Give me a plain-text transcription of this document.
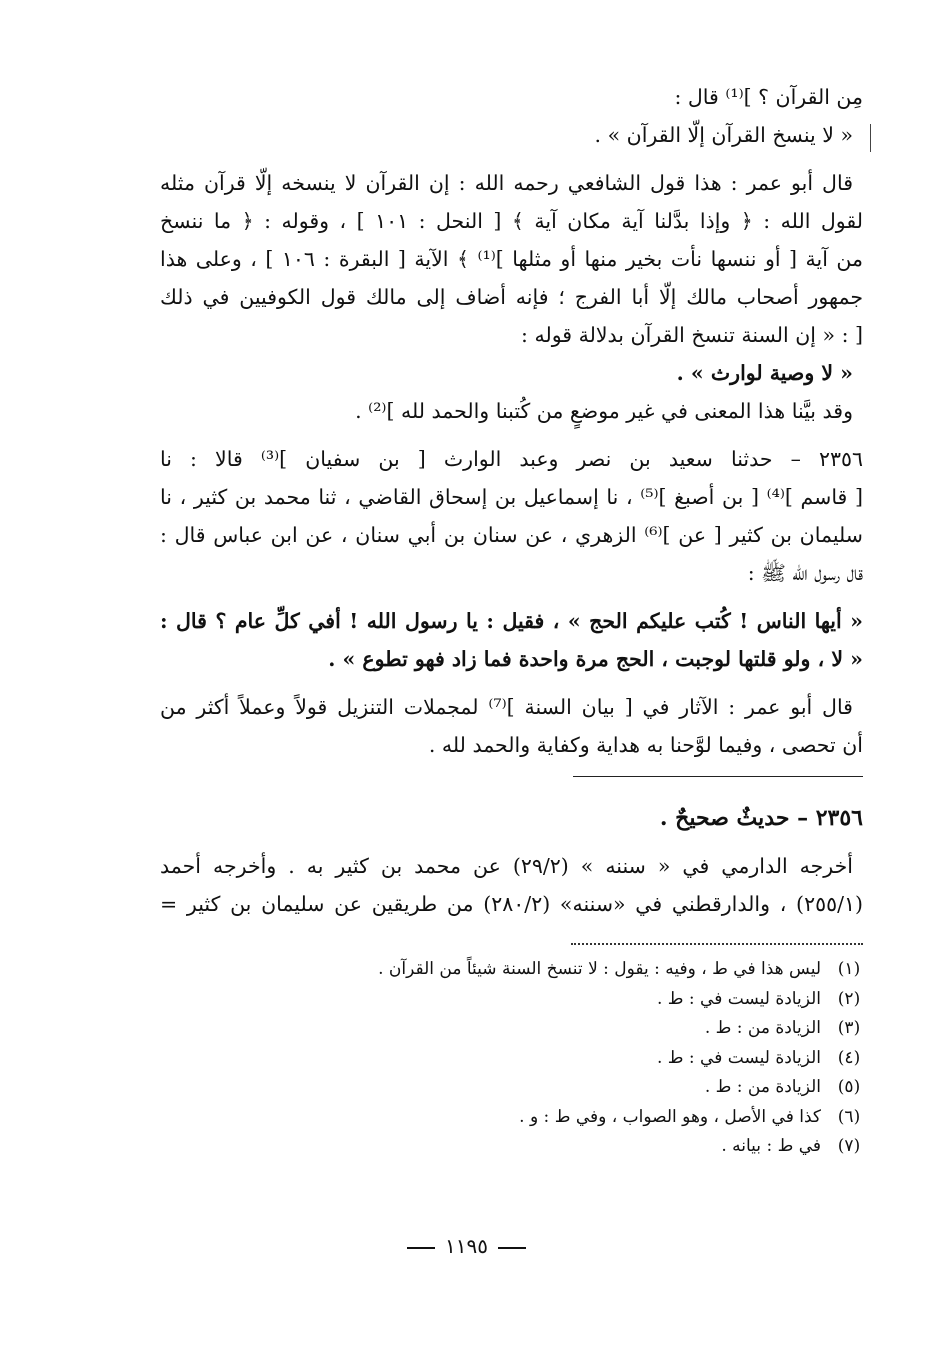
مِن القرآن ؟ ]⁽¹⁾ قال :
« لا ينسخ القرآن إلّا القرآن » .
قال أبو عمر : هذا قول الشافعي رحمه الله : إن القرآن لا ينسخه إلّا قرآن مثله
لقول الله : ﴿ وإذا بدَّلنا آية مكان آية ﴾ [ النحل : ١٠١ ] ، وقوله : ﴿ ما ننسخ
من آية [ أو ننسها نأت بخير منها أو مثلها ]⁽¹⁾ ﴾ الآية [ البقرة : ١٠٦ ] ، وعلى هذا
جمهور أصحاب مالك إلّا أبا الفرج ؛ فإنه أضاف إلى مالك قول الكوفيين في ذلك
[ : « إن السنة تنسخ القرآن بدلالة قوله :
« لا وصية لوارث » .
وقد بيَّنا هذا المعنى في غير موضعٍ من كُتبنا والحمد لله ]⁽²⁾ .
٢٣٥٦ – حدثنا سعيد بن نصر وعبد الوارث [ بن سفيان ]⁽³⁾ قالا : نا
[ قاسم ]⁽⁴⁾ [ بن أصبغ ]⁽⁵⁾ ، نا إسماعيل بن إسحاق القاضي ، ثنا محمد بن كثير ، نا
سليمان بن كثير [ عن ]⁽⁶⁾ الزهري ، عن سنان بن أبي سنان ، عن ابن عباس قال :
قال رسول الله ﷺ :
« أيها الناس ! كُتب عليكم الحج » ، فقيل : يا رسول الله ! أفي كلِّ عام ؟ قال :
« لا ، ولو قلتها لوجبت ، الحج مرة واحدة فما زاد فهو تطوع » .
قال أبو عمر : الآثار في [ بيان السنة ]⁽⁷⁾ لمجملات التنزيل قولاً وعملاً أكثر من
أن تحصى ، وفيما لوَّحنا به هداية وكفاية والحمد لله .
٢٣٥٦ – حديثٌ صحيحٌ .
أخرجه الدارمي في « سننه » (٢٩/٢) عن محمد بن كثير به . وأخرجه أحمد
(٢٥٥/١) ، والدارقطني في «سننه» (٢٨٠/٢) من طريقين عن سليمان بن كثير =
(١)
ليس هذا في ط ، وفيه : يقول : لا تنسخ السنة شيئاً من القرآن .
(٢)
الزيادة ليست في : ط .
(٣)
الزيادة من : ط .
(٤)
الزيادة ليست في : ط .
(٥)
الزيادة من : ط .
(٦)
كذا في الأصل ، وهو الصواب ، وفي ط : و .
(٧)
في ط : بيانه .
١١٩٥
